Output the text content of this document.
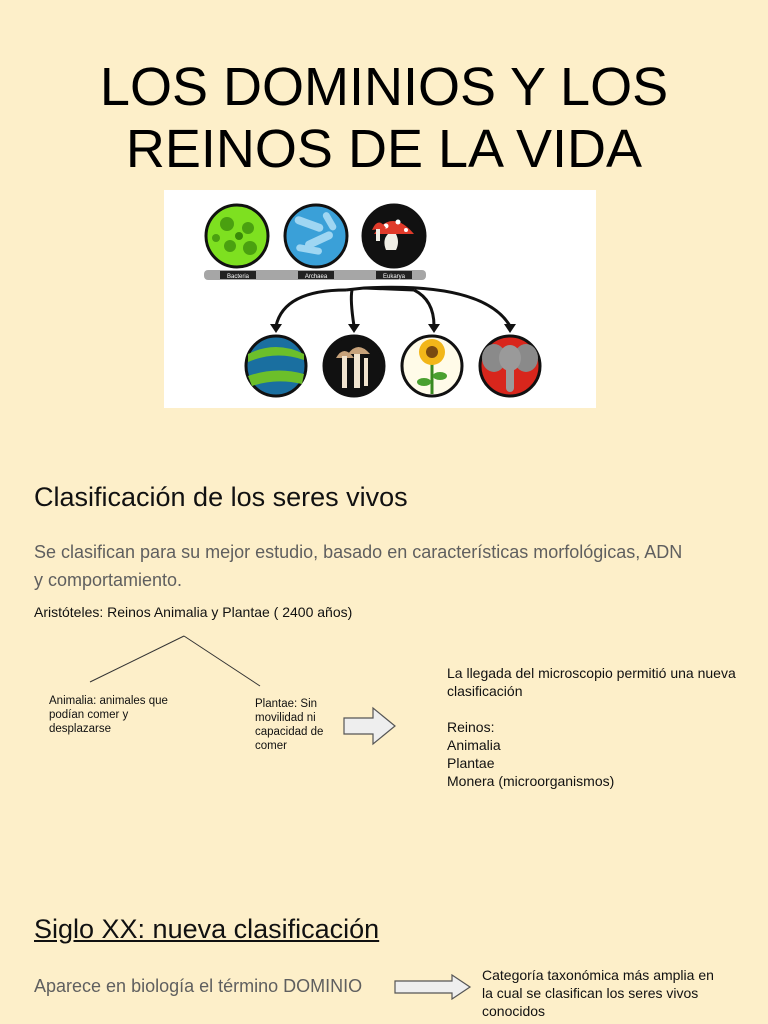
LOS DOMINIOS Y LOS
REINOS DE LA VIDA
Bacteria	Archaea	Eukarya
Clasificación de los seres vivos
Se clasifican para su mejor estudio, basado en características morfológicas, ADN
y comportamiento.
Aristóteles: Reinos Animalia y Plantae ( 2400 años)
Animalia: animales que
podían comer y
desplazarse
Plantae: Sin
movilidad ni
capacidad de
comer
La llegada del microscopio permitió una nueva
clasificación
Reinos:
Animalia
Plantae
Monera (microorganismos)
Siglo XX: nueva clasificación
Aparece en biología el término DOMINIO
Categoría taxonómica más amplia en
la cual se clasifican los seres vivos
conocidos
